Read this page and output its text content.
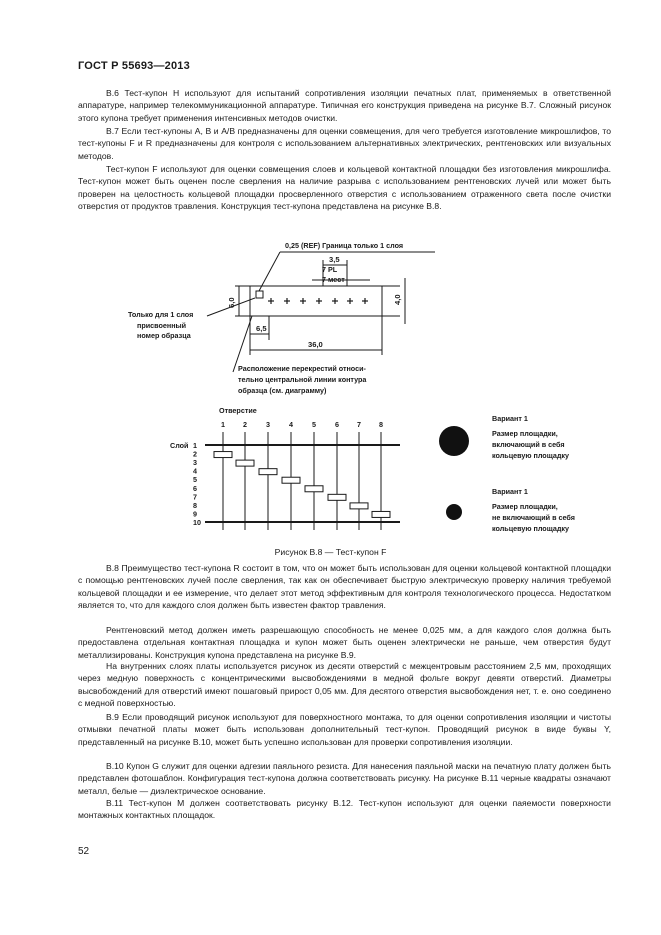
ГОСТ Р 55693—2013

В.6 Тест-купон Н используют для испытаний сопротивления изоляции печатных плат, применяемых в ответственной аппаратуре, например телекоммуникационной аппаратуре. Типичная его конструкция приведена на рисунке В.7. Сложный рисунок этого купона требует применения интенсивных методов очистки.

В.7 Если тест-купоны А, В и А/В предназначены для оценки совмещения, для чего требуется изготовление микрошлифов, то тест-купоны F и R предназначены для контроля с использованием альтернативных электрических, рентгеновских или визуальных методов.

Тест-купон F используют для оценки совмещения слоев и кольцевой контактной площадки без изготовления микрошлифа. Тест-купон может быть оценен после сверления на наличие разрыва с использованием рентгеновских лучей или может быть проверен на целостность кольцевой площадки просверленного отверстия с использованием отраженного света после очистки отверстия от продуктов травления. Конструкция тест-купона представлена на рисунке В.8.

0,25 (REF) Граница только 1 слоя
3,5
7 PL
7 мест
6,0	4,0
6,5
36,0
Только для 1 слоя
присвоенный
номер образца
Расположение перекрестий относи-
тельно центральной линии контура
образца (см. диаграмму)
Отверстие
Слой
1	2	3	4	5	6	7	8
1
2
3
4
5
6
7
8
9
10
Вариант 1
Размер площадки,
включающий в себя
кольцевую площадку
Вариант 1
Размер площадки,
не включающий в себя
кольцевую площадку
Рисунок В.8 — Тест-купон F

В.8 Преимущество тест-купона R состоит в том, что он может быть использован для оценки кольцевой контактной площадки с помощью рентгеновских лучей после сверления, так как он обеспечивает быструю электрическую проверку наличия требуемой кольцевой площадки и ее измерение, что делает этот метод эффективным для контроля технологического процесса. Недостатком является то, что для каждого слоя должен быть известен фактор травления.

Рентгеновский метод должен иметь разрешающую способность не менее 0,025 мм, а для каждого слоя должна быть предоставлена отдельная контактная площадка и купон может быть оценен электрически не раньше, чем отверстия будут металлизированы. Конструкция купона представлена на рисунке В.9.

На внутренних слоях платы используется рисунок из десяти отверстий с межцентровым расстоянием 2,5 мм, проходящих через медную поверхность с концентрическими высвобождениями в медной фольге вокруг девяти отверстий. Диаметры высвобождений для отверстий имеют пошаговый прирост 0,05 мм. Для десятого отверстия высвобождения нет, т. е. оно соединено с медной поверхностью.

В.9 Если проводящий рисунок используют для поверхностного монтажа, то для оценки сопротивления изоляции и чистоты отмывки печатной платы может быть использован дополнительный тест-купон. Проводящий рисунок в виде буквы Y, представленный на рисунке В.10, может быть успешно использован для проверки сопротивления изоляции.

В.10 Купон G служит для оценки адгезии паяльного резиста. Для нанесения паяльной маски на печатную плату должен быть представлен фотошаблон. Конфигурация тест-купона должна соответствовать рисунку. На рисунке В.11 черные квадраты означают металл, белые — диэлектрическое основание.

В.11 Тест-купон М должен соответствовать рисунку В.12. Тест-купон используют для оценки паяемости поверхности монтажных контактных площадок.

52
